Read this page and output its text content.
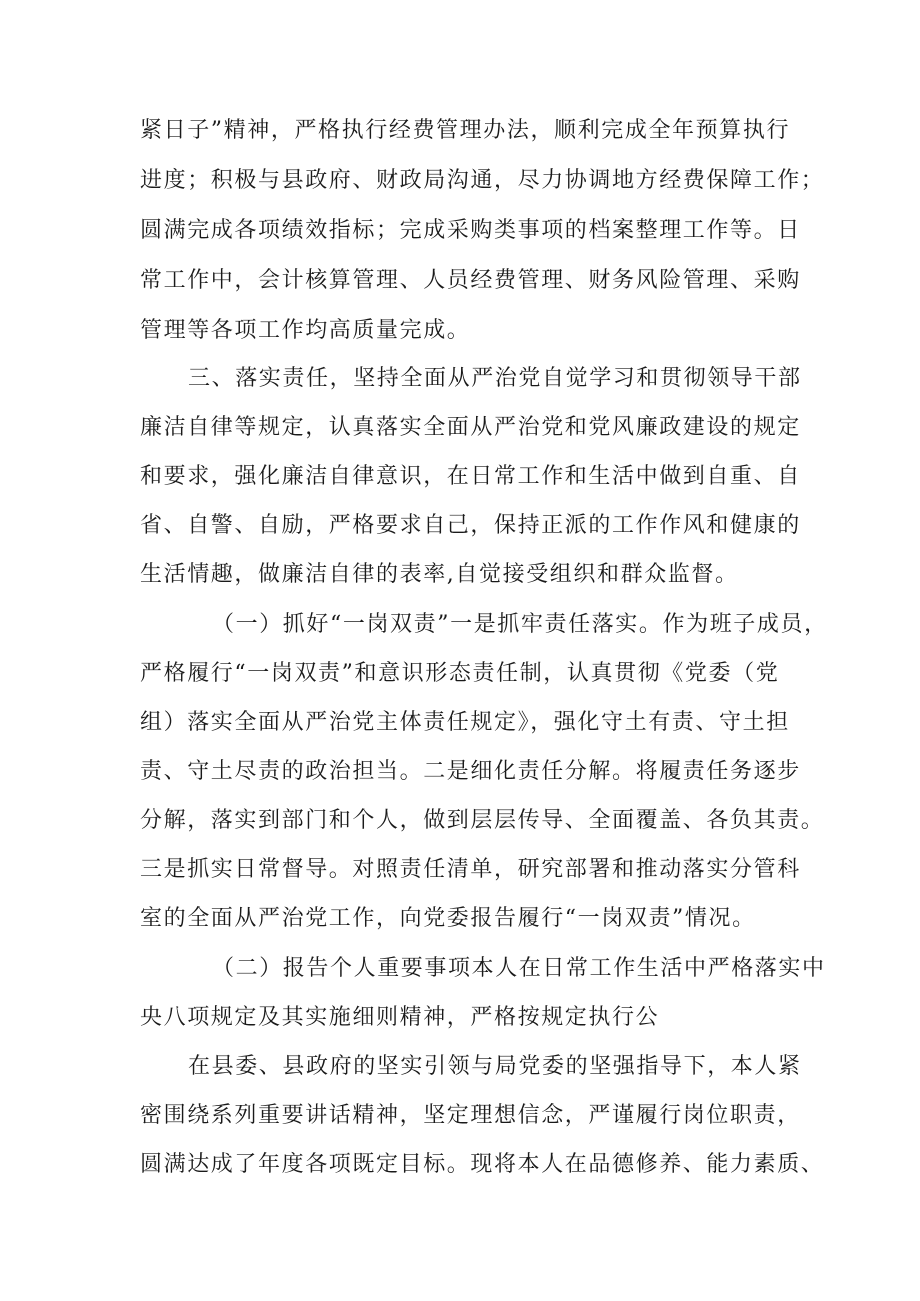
紧日子”精神，严格执行经费管理办法，顺利完成全年预算执行
进度；积极与县政府、财政局沟通，尽力协调地方经费保障工作；
圆满完成各项绩效指标；完成采购类事项的档案整理工作等。日
常工作中，会计核算管理、人员经费管理、财务风险管理、采购
管理等各项工作均高质量完成。
三、落实责任，坚持全面从严治党自觉学习和贯彻领导干部
廉洁自律等规定，认真落实全面从严治党和党风廉政建设的规定
和要求，强化廉洁自律意识，在日常工作和生活中做到自重、自
省、自警、自励，严格要求自己，保持正派的工作作风和健康的
生活情趣，做廉洁自律的表率,自觉接受组织和群众监督。
（一）抓好“一岗双责”一是抓牢责任落实。作为班子成员，
严格履行“一岗双责”和意识形态责任制，认真贯彻《党委（党
组）落实全面从严治党主体责任规定》，强化守土有责、守土担
责、守土尽责的政治担当。二是细化责任分解。将履责任务逐步
分解，落实到部门和个人，做到层层传导、全面覆盖、各负其责。
三是抓实日常督导。对照责任清单，研究部署和推动落实分管科
室的全面从严治党工作，向党委报告履行“一岗双责”情况。
（二）报告个人重要事项本人在日常工作生活中严格落实中
央八项规定及其实施细则精神，严格按规定执行公
在县委、县政府的坚实引领与局党委的坚强指导下，本人紧
密围绕系列重要讲话精神，坚定理想信念，严谨履行岗位职责，
圆满达成了年度各项既定目标。现将本人在品德修养、能力素质、
